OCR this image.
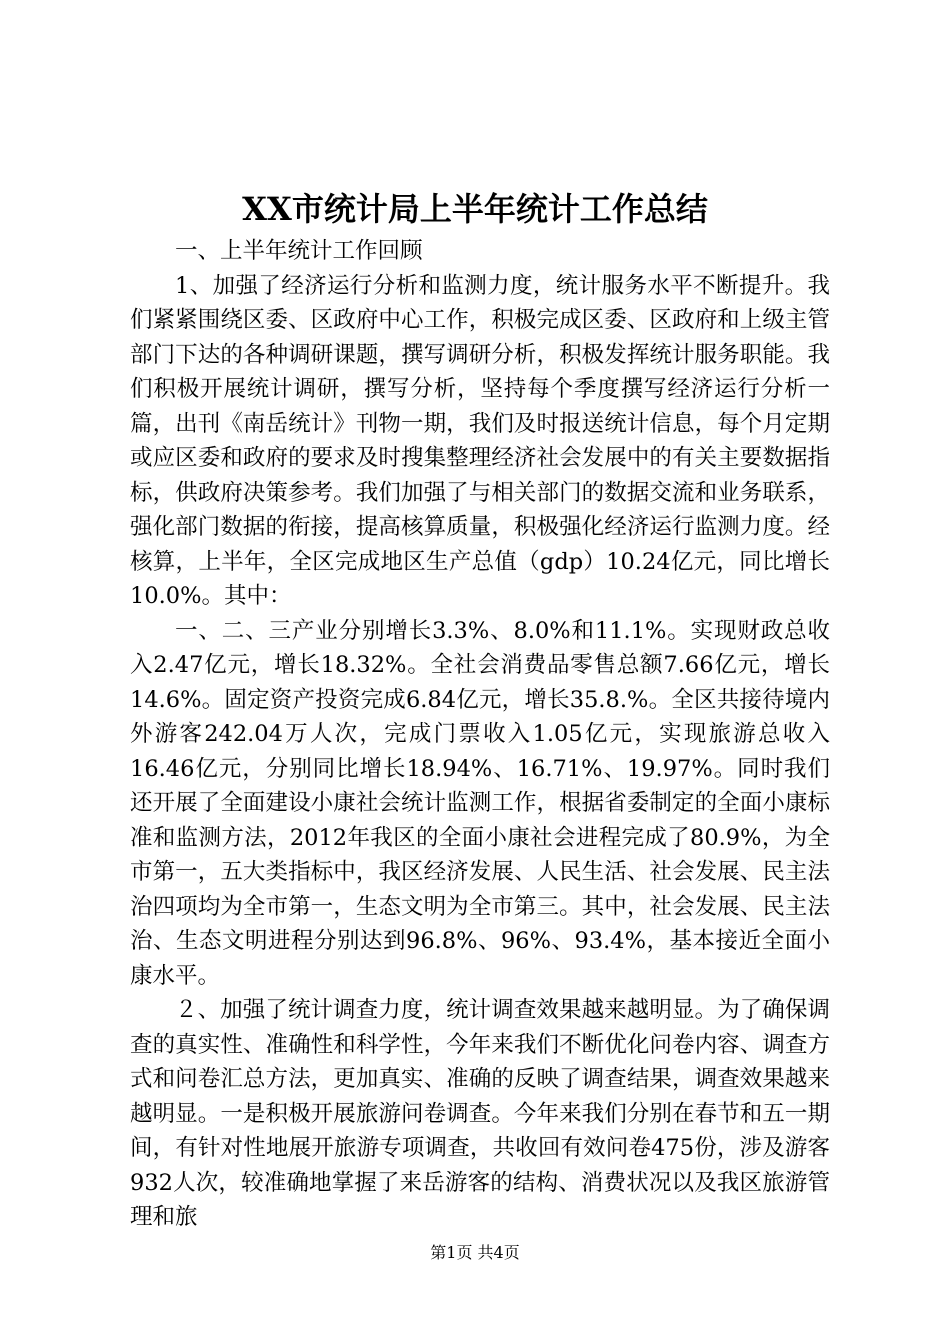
XX市统计局上半年统计工作总结

一、上半年统计工作回顾

1、加强了经济运行分析和监测力度，统计服务水平不断提升。我们紧紧围绕区委、区政府中心工作，积极完成区委、区政府和上级主管部门下达的各种调研课题，撰写调研分析，积极发挥统计服务职能。我们积极开展统计调研，撰写分析，坚持每个季度撰写经济运行分析一篇，出刊《南岳统计》刊物一期，我们及时报送统计信息，每个月定期或应区委和政府的要求及时搜集整理经济社会发展中的有关主要数据指标，供政府决策参考。我们加强了与相关部门的数据交流和业务联系，强化部门数据的衔接，提高核算质量，积极强化经济运行监测力度。经核算，上半年，全区完成地区生产总值（gdp）10.24亿元，同比增长10.0%。其中：

一、二、三产业分别增长3.3%、8.0%和11.1%。实现财政总收入2.47亿元，增长18.32%。全社会消费品零售总额7.66亿元，增长14.6%。固定资产投资完成6.84亿元，增长35.8.%。全区共接待境内外游客242.04万人次，完成门票收入1.05亿元，实现旅游总收入16.46亿元，分别同比增长18.94%、16.71%、19.97%。同时我们还开展了全面建设小康社会统计监测工作，根据省委制定的全面小康标准和监测方法，2012年我区的全面小康社会进程完成了80.9%，为全市第一，五大类指标中，我区经济发展、人民生活、社会发展、民主法治四项均为全市第一，生态文明为全市第三。其中，社会发展、民主法治、生态文明进程分别达到96.8%、96%、93.4%，基本接近全面小康水平。

２、加强了统计调查力度，统计调查效果越来越明显。为了确保调查的真实性、准确性和科学性，今年来我们不断优化问卷内容、调查方式和问卷汇总方法，更加真实、准确的反映了调查结果，调查效果越来越明显。一是积极开展旅游问卷调查。今年来我们分别在春节和五一期间，有针对性地展开旅游专项调查，共收回有效问卷475份，涉及游客932人次，较准确地掌握了来岳游客的结构、消费状况以及我区旅游管理和旅

第1页 共4页
